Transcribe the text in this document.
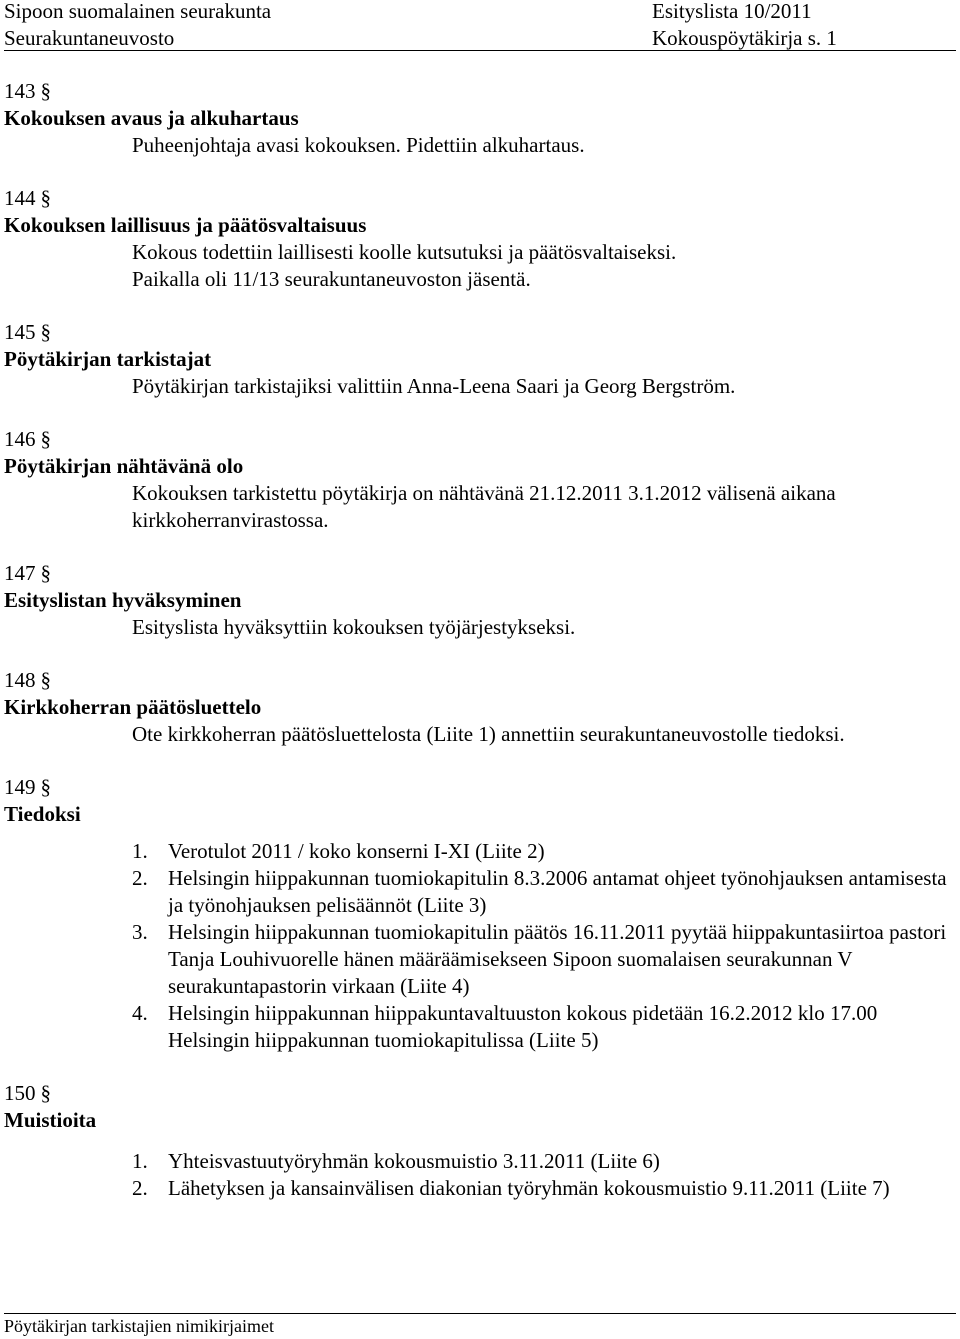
Sipoon suomalainen seurakunta	Esityslista 10/2011
Seurakuntaneuvosto	Kokouspöytäkirja s. 1
143 §
Kokouksen avaus ja alkuhartaus
Puheenjohtaja avasi kokouksen. Pidettiin alkuhartaus.
144 §
Kokouksen laillisuus ja päätösvaltaisuus
Kokous todettiin laillisesti koolle kutsutuksi ja päätösvaltaiseksi. Paikalla oli 11/13 seurakuntaneuvoston jäsentä.
145 §
Pöytäkirjan tarkistajat
Pöytäkirjan tarkistajiksi valittiin Anna-Leena Saari ja Georg Bergström.
146 §
Pöytäkirjan nähtävänä olo
Kokouksen tarkistettu pöytäkirja on nähtävänä 21.12.2011 3.1.2012 välisenä aikana kirkkoherranvirastossa.
147 §
Esityslistan hyväksyminen
Esityslista hyväksyttiin kokouksen työjärjestykseksi.
148 §
Kirkkoherran päätösluettelo
Ote kirkkoherran päätösluettelosta (Liite 1) annettiin seurakuntaneuvostolle tiedoksi.
149 §
Tiedoksi
1. Verotulot 2011 / koko konserni I-XI (Liite 2)
2. Helsingin hiippakunnan tuomiokapitulin 8.3.2006 antamat ohjeet työnohjauksen antamisesta ja työnohjauksen pelisäännöt (Liite 3)
3. Helsingin hiippakunnan tuomiokapitulin päätös 16.11.2011 pyytää hiippakuntasiirtoa pastori Tanja Louhivuorelle hänen määräämisekseen Sipoon suomalaisen seurakunnan V seurakuntapastorin virkaan (Liite 4)
4. Helsingin hiippakunnan hiippakuntavaltuuston kokous pidetään 16.2.2012 klo 17.00 Helsingin hiippakunnan tuomiokapitulissa (Liite 5)
150 §
Muistioita
1. Yhteisvastuutyöryhmän kokousmuistio 3.11.2011 (Liite 6)
2. Lähetyksen ja kansainvälisen diakonian työryhmän kokousmuistio 9.11.2011 (Liite 7)
Pöytäkirjan tarkistajien nimikirjaimet
